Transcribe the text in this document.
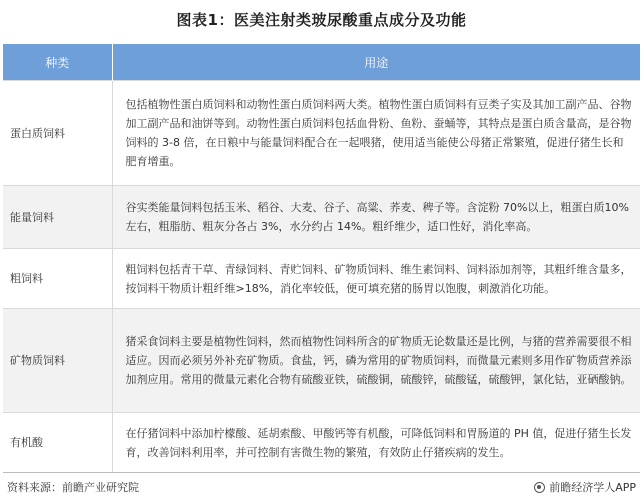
图表1：医美注射类玻尿酸重点成分及功能
种类	用途
蛋白质饲料	包括植物性蛋白质饲料和动物性蛋白质饲料两大类。植物性蛋白质饲料有豆类子实及其加工副产品、谷物加工副产品和油饼等到。动物性蛋白质饲料包括血骨粉、鱼粉、蚕蛹等，其特点是蛋白质含量高，是谷物饲料的 3-8 倍，在日粮中与能量饲料配合在一起喂猪，使用适当能使公母猪正常繁殖，促进仔猪生长和肥育增重。
能量饲料	谷实类能量饲料包括玉米、稻谷、大麦、谷子、高粱、荞麦、稗子等。含淀粉 70%以上，粗蛋白质10%左右，粗脂肪、粗灰分各占 3%，水分约占 14%。粗纤维少，适口性好，消化率高。
粗饲料	粗饲料包括青干草、青绿饲料、青贮饲料、矿物质饲料、维生素饲料、饲料添加剂等，其粗纤维含量多，按饲料干物质计粗纤维>18%，消化率较低，便可填充猪的肠胃以饱腹，刺激消化功能。
矿物质饲料	猪采食饲料主要是植物性饲料，然而植物性饲料所含的矿物质无论数量还是比例，与猪的营养需要很不相适应。因而必须另外补充矿物质。食盐，钙，磷为常用的矿物质饲料，而微量元素则多用作矿物质营养添加剂应用。常用的微量元素化合物有硫酸亚铁，硫酸铜，硫酸锌，硫酸锰，硫酸钾，氯化钴，亚硒酸钠。
有机酸	在仔猪饲料中添加柠檬酸、延胡索酸、甲酸钙等有机酸，可降低饲料和胃肠道的 PH 值，促进仔猪生长发育，改善饲料利用率，并可控制有害微生物的繁殖，有效防止仔猪疾病的发生。
资料来源：前瞻产业研究院	前瞻经济学人APP
